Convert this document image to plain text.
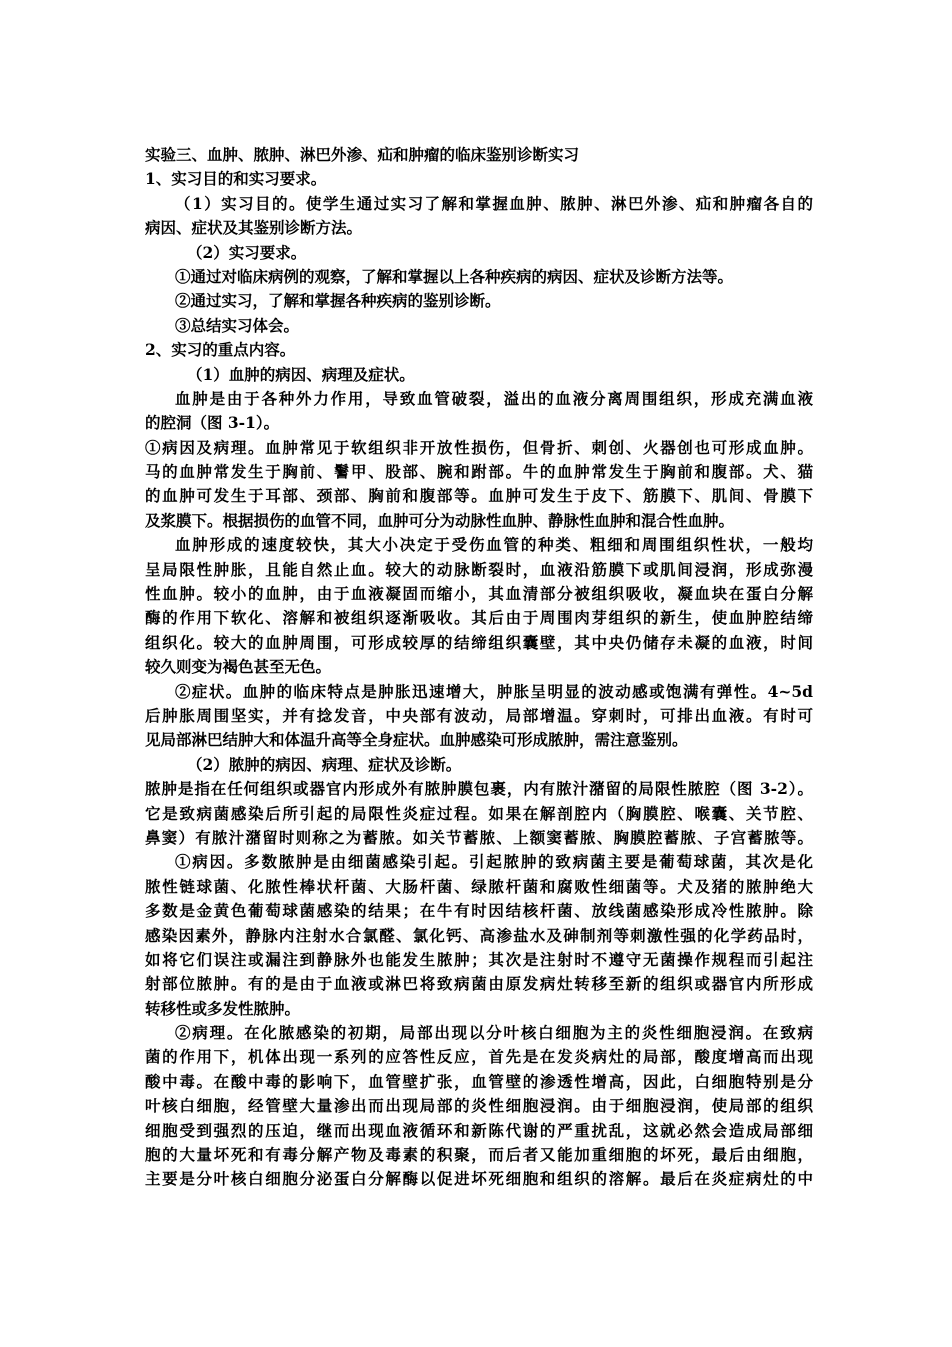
实验三、血肿、脓肿、淋巴外渗、疝和肿瘤的临床鉴别诊断实习
1、实习目的和实习要求。
（1）实习目的。使学生通过实习了解和掌握血肿、脓肿、淋巴外渗、疝和肿瘤各自的
病因、症状及其鉴别诊断方法。
（2）实习要求。
①通过对临床病例的观察，了解和掌握以上各种疾病的病因、症状及诊断方法等。
②通过实习，了解和掌握各种疾病的鉴别诊断。
③总结实习体会。
2、实习的重点内容。
（1）血肿的病因、病理及症状。
血肿是由于各种外力作用，导致血管破裂，溢出的血液分离周围组织，形成充满血液
的腔洞（图 3-1）。
①病因及病理。血肿常见于软组织非开放性损伤，但骨折、刺创、火器创也可形成血肿。
马的血肿常发生于胸前、鬐甲、股部、腕和跗部。牛的血肿常发生于胸前和腹部。犬、猫
的血肿可发生于耳部、颈部、胸前和腹部等。血肿可发生于皮下、筋膜下、肌间、骨膜下
及浆膜下。根据损伤的血管不同，血肿可分为动脉性血肿、静脉性血肿和混合性血肿。
血肿形成的速度较快，其大小决定于受伤血管的种类、粗细和周围组织性状，一般均
呈局限性肿胀，且能自然止血。较大的动脉断裂时，血液沿筋膜下或肌间浸润，形成弥漫
性血肿。较小的血肿，由于血液凝固而缩小，其血清部分被组织吸收，凝血块在蛋白分解
酶的作用下软化、溶解和被组织逐渐吸收。其后由于周围肉芽组织的新生，使血肿腔结缔
组织化。较大的血肿周围，可形成较厚的结缔组织囊壁，其中央仍储存未凝的血液，时间
较久则变为褐色甚至无色。
②症状。血肿的临床特点是肿胀迅速增大，肿胀呈明显的波动感或饱满有弹性。4~5d
后肿胀周围坚实，并有捻发音，中央部有波动，局部增温。穿刺时，可排出血液。有时可
见局部淋巴结肿大和体温升高等全身症状。血肿感染可形成脓肿，需注意鉴别。
（2）脓肿的病因、病理、症状及诊断。
脓肿是指在任何组织或器官内形成外有脓肿膜包裹，内有脓汁潴留的局限性脓腔（图 3-2）。
它是致病菌感染后所引起的局限性炎症过程。如果在解剖腔内（胸膜腔、喉囊、关节腔、
鼻窦）有脓汁潴留时则称之为蓄脓。如关节蓄脓、上额窦蓄脓、胸膜腔蓄脓、子宫蓄脓等。
①病因。多数脓肿是由细菌感染引起。引起脓肿的致病菌主要是葡萄球菌，其次是化
脓性链球菌、化脓性棒状杆菌、大肠杆菌、绿脓杆菌和腐败性细菌等。犬及猪的脓肿绝大
多数是金黄色葡萄球菌感染的结果；在牛有时因结核杆菌、放线菌感染形成冷性脓肿。除
感染因素外，静脉内注射水合氯醛、氯化钙、高渗盐水及砷制剂等刺激性强的化学药品时，
如将它们误注或漏注到静脉外也能发生脓肿；其次是注射时不遵守无菌操作规程而引起注
射部位脓肿。有的是由于血液或淋巴将致病菌由原发病灶转移至新的组织或器官内所形成
转移性或多发性脓肿。
②病理。在化脓感染的初期，局部出现以分叶核白细胞为主的炎性细胞浸润。在致病
菌的作用下，机体出现一系列的应答性反应，首先是在发炎病灶的局部，酸度增高而出现
酸中毒。在酸中毒的影响下，血管壁扩张，血管壁的渗透性增高，因此，白细胞特别是分
叶核白细胞，经管壁大量渗出而出现局部的炎性细胞浸润。由于细胞浸润，使局部的组织
细胞受到强烈的压迫，继而出现血液循环和新陈代谢的严重扰乱，这就必然会造成局部细
胞的大量坏死和有毒分解产物及毒素的积聚，而后者又能加重细胞的坏死，最后由细胞，
主要是分叶核白细胞分泌蛋白分解酶以促进坏死细胞和组织的溶解。最后在炎症病灶的中
